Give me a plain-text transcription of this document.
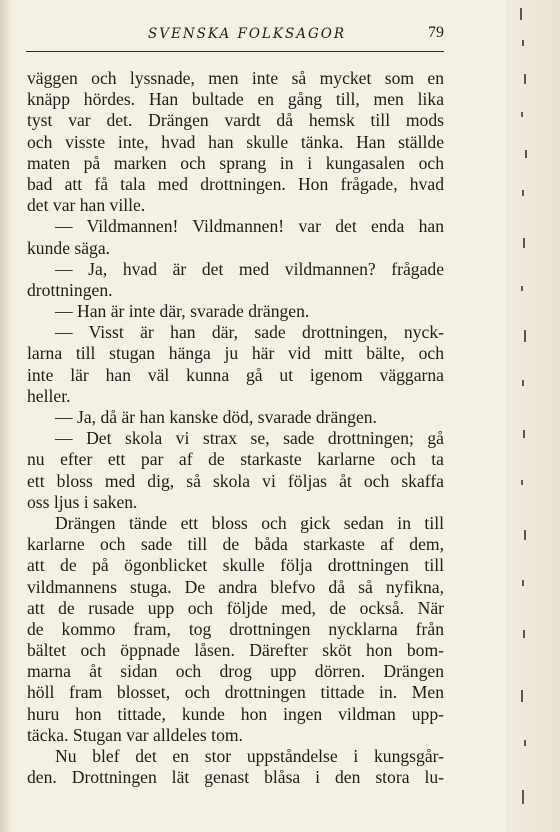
SVENSKA FOLKSAGOR	79
väggen och lyssnade, men inte så mycket som en
knäpp hördes. Han bultade en gång till, men lika
tyst var det. Drängen vardt då hemsk till mods
och visste inte, hvad han skulle tänka. Han ställde
maten på marken och sprang in i kungasalen och
bad att få tala med drottningen. Hon frågade, hvad
det var han ville.
— Vildmannen! Vildmannen! var det enda han
kunde säga.
— Ja, hvad är det med vildmannen? frågade
drottningen.
— Han är inte där, svarade drängen.
— Visst är han där, sade drottningen, nyck-
larna till stugan hänga ju här vid mitt bälte, och
inte lär han väl kunna gå ut igenom väggarna
heller.
— Ja, då är han kanske död, svarade drängen.
— Det skola vi strax se, sade drottningen; gå
nu efter ett par af de starkaste karlarne och ta
ett bloss med dig, så skola vi följas åt och skaffa
oss ljus i saken.
Drängen tände ett bloss och gick sedan in till
karlarne och sade till de båda starkaste af dem,
att de på ögonblicket skulle följa drottningen till
vildmannens stuga. De andra blefvo då så nyfikna,
att de rusade upp och följde med, de också. När
de kommo fram, tog drottningen nycklarna från
bältet och öppnade låsen. Därefter sköt hon bom-
marna åt sidan och drog upp dörren. Drängen
höll fram blosset, och drottningen tittade in. Men
huru hon tittade, kunde hon ingen vildman upp-
täcka. Stugan var alldeles tom.
Nu blef det en stor uppståndelse i kungsgår-
den. Drottningen lät genast blåsa i den stora lu-
